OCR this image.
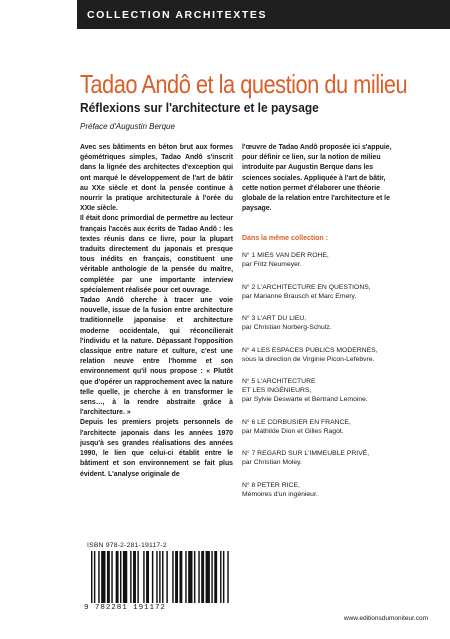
COLLECTION ARCHITEXTES
Tadao Andô et la question du milieu
Réflexions sur l'architecture et le paysage
Préface d'Augustin Berque

Avec ses bâtiments en béton brut aux formes géométriques simples, Tadao Andô s'inscrit dans la lignée des architectes d'exception qui ont marqué le développement de l'art de bâtir au XXe siècle et dont la pensée continue à nourrir la pratique architecturale à l'orée du XXIe siècle.

Il était donc primordial de permettre au lecteur français l'accès aux écrits de Tadao Andô : les textes réunis dans ce livre, pour la plupart traduits directement du japonais et presque tous inédits en français, constituent une véritable anthologie de la pensée du maître, complétée par une importante interview spécialement réalisée pour cet ouvrage.

Tadao Andô cherche à tracer une voie nouvelle, issue de la fusion entre architecture traditionnelle japonaise et architecture moderne occidentale, qui réconcilierait l'individu et la nature. Dépassant l'opposition classique entre nature et culture, c'est une relation neuve entre l'homme et son environnement qu'il nous propose : « Plutôt que d'opérer un rapprochement avec la nature telle quelle, je cherche à en transformer le sens…, à la rendre abstraite grâce à l'architecture. »

Depuis les premiers projets personnels de l'architecte japonais dans les années 1970 jusqu'à ses grandes réalisations des années 1990, le lien que celui-ci établit entre le bâtiment et son environnement se fait plus évident. L'analyse originale de

l'œuvre de Tadao Andô proposée ici s'appuie, pour définir ce lien, sur la notion de milieu introduite par Augustin Berque dans les sciences sociales. Appliquée à l'art de bâtir, cette notion permet d'élaborer une théorie globale de la relation entre l'architecture et le paysage.

Dans la même collection :
N° 1 MIES VAN DER ROHE,
par Fritz Neumeyer.
N° 2 L'ARCHITECTURE EN QUESTIONS,
par Marianne Brausch et Marc Emery.
N° 3 L'ART DU LIEU,
par Christian Norberg-Schulz.
N° 4 LES ESPACES PUBLICS MODERNES,
sous la direction de Virginie Picon-Lefebvre.
N° 5 L'ARCHITECTURE
ET LES INGÉNIEURS,
par Sylvie Deswarte et Bertrand Lemoine.
N° 6 LE CORBUSIER EN FRANCE,
par Mathilde Dion et Gilles Ragot.
N° 7 REGARD SUR L'IMMEUBLE PRIVÉ,
par Christian Moley.
N° 8 PETER RICE,
Mémoires d'un ingénieur.
ISBN 978-2-281-19117-2
9 782281 191172
www.editionsdumoniteur.com
